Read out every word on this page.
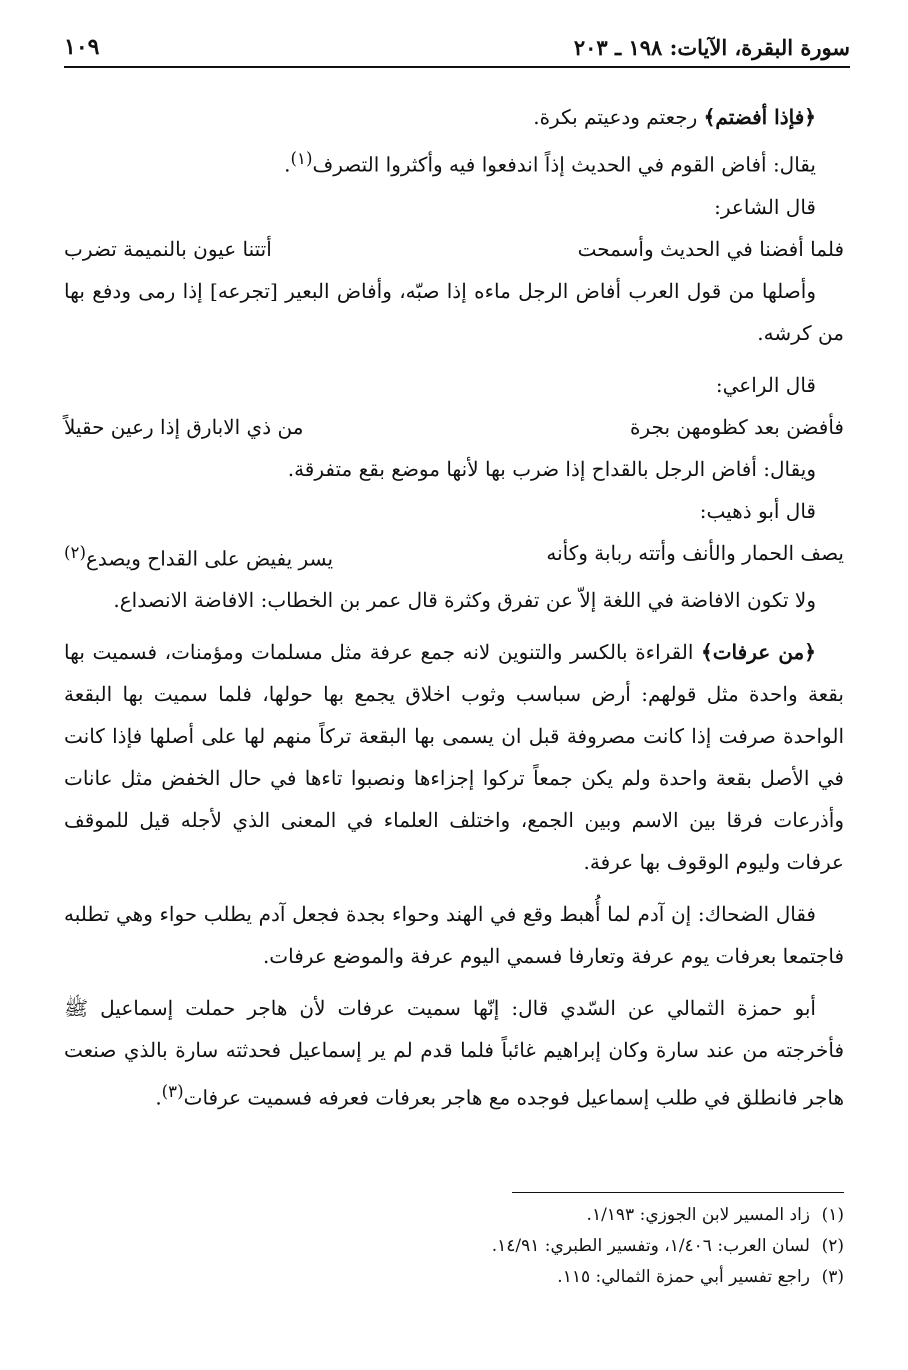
سورة البقرة، الآيات: ١٩٨ ـ ٢٠٣
١٠٩

﴿فإذا أفضتم﴾ رجعتم ودعيتم بكرة.

يقال: أفاض القوم في الحديث إذاً اندفعوا فيه وأكثروا التصرف$^{(١)}$.

قال الشاعر:

فلما أفضنا في الحديث وأسمحت
أتتنا عيون بالنميمة تضرب

وأصلها من قول العرب أفاض الرجل ماءه إذا صبّه، وأفاض البعير [تجرعه] إذا رمى ودفع بها من كرشه.

قال الراعي:

فأفضن بعد كظومهن بجرة
من ذي الابارق إذا رعين حقيلاً

ويقال: أفاض الرجل بالقداح إذا ضرب بها لأنها موضع بقع متفرقة.

قال أبو ذهيب:

يصف الحمار والأنف وأتته ربابة وكأنه
يسر يفيض على القداح ويصدع$^{(٢)}$

ولا تكون الافاضة في اللغة إلاّ عن تفرق وكثرة قال عمر بن الخطاب: الافاضة الانصداع.

﴿من عرفات﴾ القراءة بالكسر والتنوين لانه جمع عرفة مثل مسلمات ومؤمنات، فسميت بها بقعة واحدة مثل قولهم: أرض سباسب وثوب اخلاق يجمع بها حولها، فلما سميت بها البقعة الواحدة صرفت إذا كانت مصروفة قبل ان يسمى بها البقعة تركاً منهم لها على أصلها فإذا كانت في الأصل بقعة واحدة ولم يكن جمعاً تركوا إجزاءها ونصبوا تاءها في حال الخفض مثل عانات وأذرعات فرقا بين الاسم وبين الجمع، واختلف العلماء في المعنى الذي لأجله قيل للموقف عرفات وليوم الوقوف بها عرفة.

فقال الضحاك: إن آدم لما أُهبط وقع في الهند وحواء بجدة فجعل آدم يطلب حواء وهي تطلبه فاجتمعا بعرفات يوم عرفة وتعارفا فسمي اليوم عرفة والموضع عرفات.

أبو حمزة الثمالي عن السّدي قال: إنّها سميت عرفات لأن هاجر حملت إسماعيل ﷺ فأخرجته من عند سارة وكان إبراهيم غائباً فلما قدم لم ير إسماعيل فحدثته سارة بالذي صنعت هاجر فانطلق في طلب إسماعيل فوجده مع هاجر بعرفات فعرفه فسميت عرفات$^{(٣)}$.

(١)زاد المسير لابن الجوزي: ١/١٩٣.

(٢)لسان العرب: ١/٤٠٦، وتفسير الطبري: ١٤/٩١.

(٣)راجع تفسير أبي حمزة الثمالي: ١١٥.
